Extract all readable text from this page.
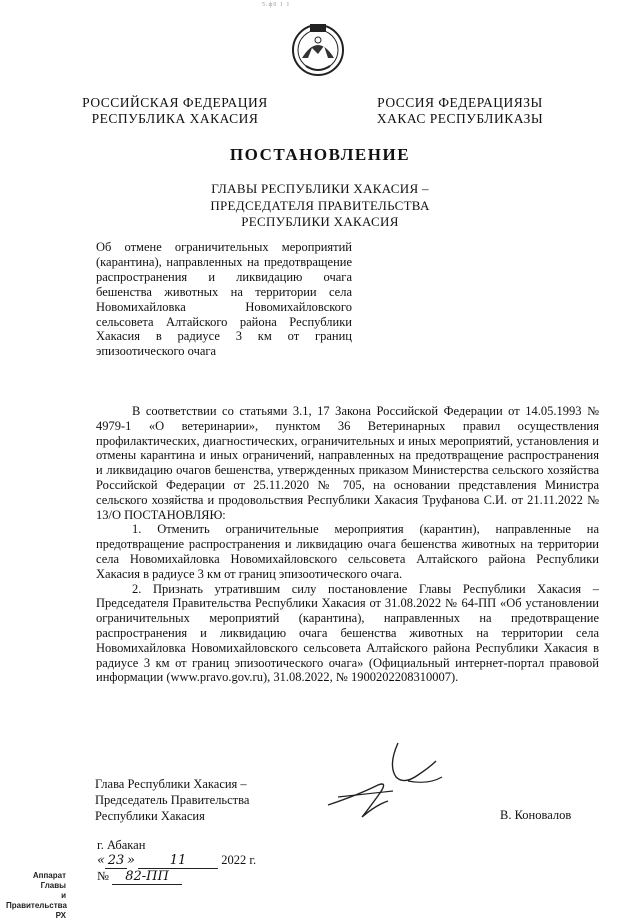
5.ф0 1 1
РОССИЙСКАЯ ФЕДЕРАЦИЯ
РЕСПУБЛИКА ХАКАСИЯ
РОССИЯ ФЕДЕРАЦИЯЗЫ
ХАКАС РЕСПУБЛИКАЗЫ
ПОСТАНОВЛЕНИЕ
ГЛАВЫ РЕСПУБЛИКИ ХАКАСИЯ –
ПРЕДСЕДАТЕЛЯ ПРАВИТЕЛЬСТВА
РЕСПУБЛИКИ ХАКАСИЯ
Об отмене ограничительных мероприятий (карантина), направленных на предотвращение распространения и ликвидацию очага бешенства животных на территории села Новомихайловка Новомихайловского сельсовета Алтайского района Республики Хакасия в радиусе 3 км от границ эпизоотического очага

В соответствии со статьями 3.1, 17 Закона Российской Федерации от 14.05.1993 № 4979-1 «О ветеринарии», пунктом 36 Ветеринарных правил осуществления профилактических, диагностических, ограничительных и иных мероприятий, установления и отмены карантина и иных ограничений, направленных на предотвращение распространения и ликвидацию очагов бешенства, утвержденных приказом Министерства сельского хозяйства Российской Федерации от 25.11.2020 № 705, на основании представления Министра сельского хозяйства и продовольствия Республики Хакасия Труфанова С.И. от 21.11.2022 № 13/О ПОСТАНОВЛЯЮ:

1. Отменить ограничительные мероприятия (карантин), направленные на предотвращение распространения и ликвидацию очага бешенства животных на территории села Новомихайловка Новомихайловского сельсовета Алтайского района Республики Хакасия в радиусе 3 км от границ эпизоотического очага.

2. Признать утратившим силу постановление Главы Республики Хакасия – Председателя Правительства Республики Хакасия от 31.08.2022 № 64-ПП «Об установлении ограничительных мероприятий (карантина), направленных на предотвращение распространения и ликвидацию очага бешенства животных на территории села Новомихайловка Новомихайловского сельсовета Алтайского района Республики Хакасия в радиусе 3 км от границ эпизоотического очага» (Официальный интернет-портал правовой информации (www.pravo.gov.ru), 31.08.2022, № 1900202208310007).

Глава Республики Хакасия –
Председатель Правительства
Республики Хакасия	В. Коновалов
г. Абакан
« 23 »	11	2022 г.
№ 82-ПП
Аппарат Главы
и Правительства РХ
